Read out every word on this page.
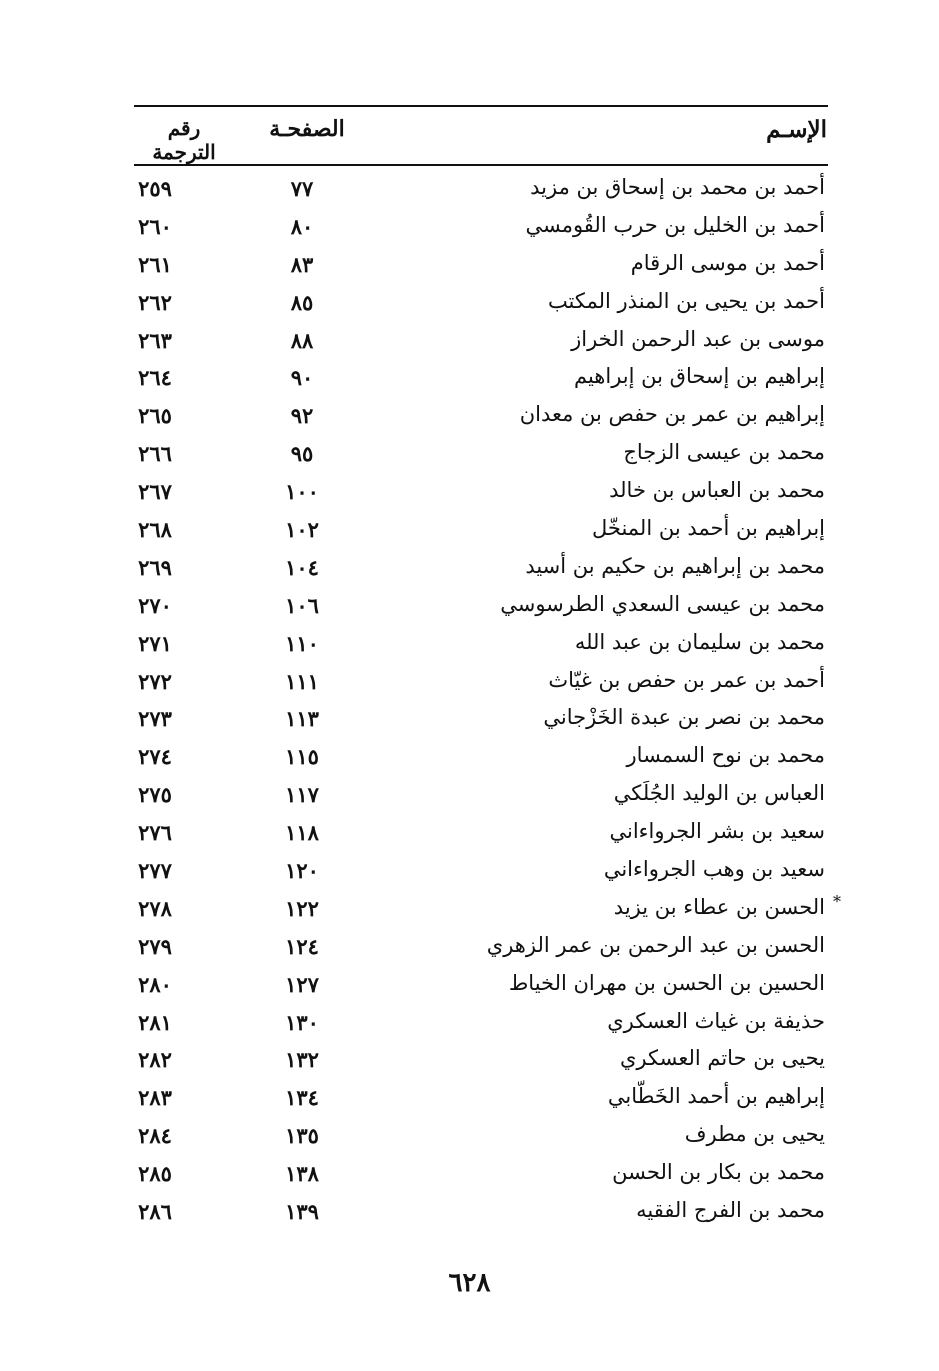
الإسـم
الصفحـة
رقم الترجمة
أحمد بن محمد بن إسحاق بن مزيد
٧٧
٢٥٩
أحمد بن الخليل بن حرب القُومسي
٨٠
٢٦٠
أحمد بن موسى الرقام
٨٣
٢٦١
أحمد بن يحيى بن المنذر المكتب
٨٥
٢٦٢
موسى بن عبد الرحمن الخراز
٨٨
٢٦٣
إبراهيم بن إسحاق بن إبراهيم
٩٠
٢٦٤
إبراهيم بن عمر بن حفص بن معدان
٩٢
٢٦٥
محمد بن عيسى الزجاج
٩٥
٢٦٦
محمد بن العباس بن خالد
١٠٠
٢٦٧
إبراهيم بن أحمد بن المنخّل
١٠٢
٢٦٨
محمد بن إبراهيم بن حكيم بن أسيد
١٠٤
٢٦٩
محمد بن عيسى السعدي الطرسوسي
١٠٦
٢٧٠
محمد بن سليمان بن عبد الله
١١٠
٢٧١
أحمد بن عمر بن حفص بن غيّاث
١١١
٢٧٢
محمد بن نصر بن عبدة الخَزْجاني
١١٣
٢٧٣
محمد بن نوح السمسار
١١٥
٢٧٤
العباس بن الوليد الجُلَكي
١١٧
٢٧٥
سعيد بن بشر الجرواءاني
١١٨
٢٧٦
سعيد بن وهب الجرواءاني
١٢٠
٢٧٧
الحسن بن عطاء بن يزيد *
١٢٢
٢٧٨
الحسن بن عبد الرحمن بن عمر الزهري
١٢٤
٢٧٩
الحسين بن الحسن بن مهران الخياط
١٢٧
٢٨٠
حذيفة بن غياث العسكري
١٣٠
٢٨١
يحيى بن حاتم العسكري
١٣٢
٢٨٢
إبراهيم بن أحمد الخَطّابي
١٣٤
٢٨٣
يحيى بن مطرف
١٣٥
٢٨٤
محمد بن بكار بن الحسن
١٣٨
٢٨٥
محمد بن الفرج الفقيه
١٣٩
٢٨٦
٦٢٨
